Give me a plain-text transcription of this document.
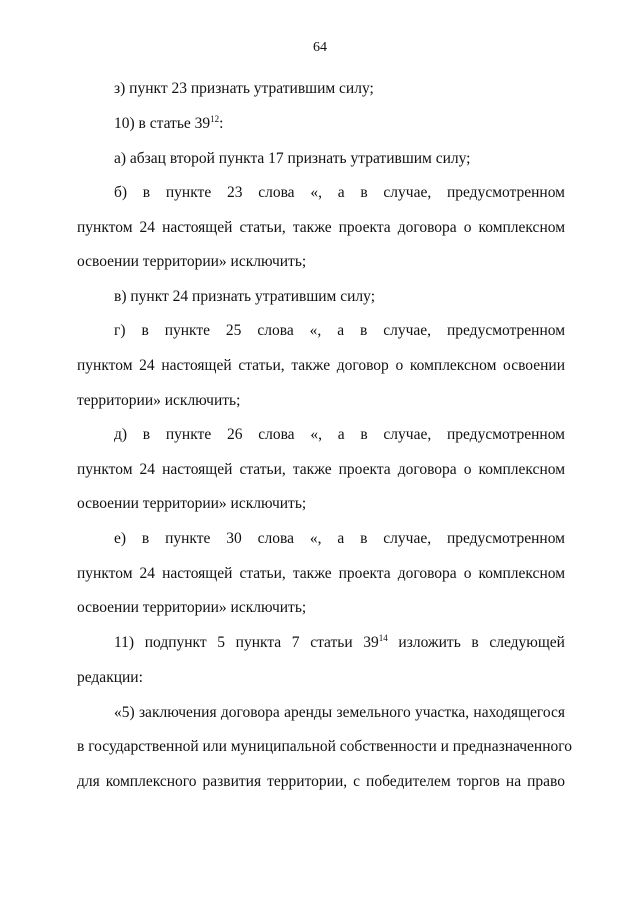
64
з) пункт 23 признать утратившим силу;
10) в статье $39^{12}$:
а) абзац второй пункта 17 признать утратившим силу;
б) в пункте 23 слова «, а в случае, предусмотренном
пунктом 24 настоящей статьи, также проекта договора о комплексном
освоении территории» исключить;
в) пункт 24 признать утратившим силу;
г) в пункте 25 слова «, а в случае, предусмотренном
пунктом 24 настоящей статьи, также договор о комплексном освоении
территории» исключить;
д) в пункте 26 слова «, а в случае, предусмотренном
пунктом 24 настоящей статьи, также проекта договора о комплексном
освоении территории» исключить;
е) в пункте 30 слова «, а в случае, предусмотренном
пунктом 24 настоящей статьи, также проекта договора о комплексном
освоении территории» исключить;
11) подпункт 5 пункта 7 статьи $39^{14}$ изложить в следующей
редакции:
«5) заключения договора аренды земельного участка, находящегося
в государственной или муниципальной собственности и предназначенного
для комплексного развития территории, с победителем торгов на право
